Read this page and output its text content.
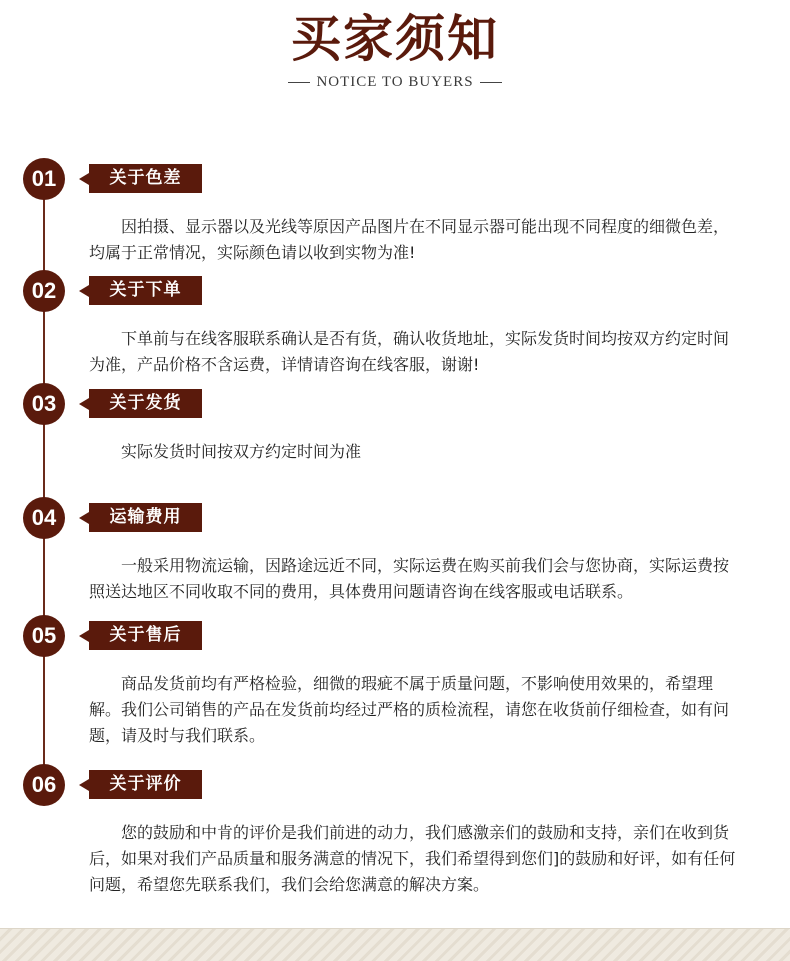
买家须知
NOTICE TO BUYERS
01	关于色差
因拍摄、显示器以及光线等原因产品图片在不同显示器可能出现不同程度的细微色差，均属于正常情况，实际颜色请以收到实物为准!
02	关于下单
下单前与在线客服联系确认是否有货，确认收货地址，实际发货时间均按双方约定时间为准，产品价格不含运费，详情请咨询在线客服，谢谢!
03	关于发货
实际发货时间按双方约定时间为准
04	运输费用
一般采用物流运输，因路途远近不同，实际运费在购买前我们会与您协商，实际运费按照送达地区不同收取不同的费用，具体费用问题请咨询在线客服或电话联系。
05	关于售后
商品发货前均有严格检验，细微的瑕疵不属于质量问题，不影响使用效果的，希望理解。我们公司销售的产品在发货前均经过严格的质检流程，请您在收货前仔细检查，如有问题，请及时与我们联系。
06	关于评价
您的鼓励和中肯的评价是我们前进的动力，我们感激亲们的鼓励和支持，亲们在收到货后，如果对我们产品质量和服务满意的情况下，我们希望得到您们]的鼓励和好评，如有任何问题，希望您先联系我们，我们会给您满意的解决方案。
